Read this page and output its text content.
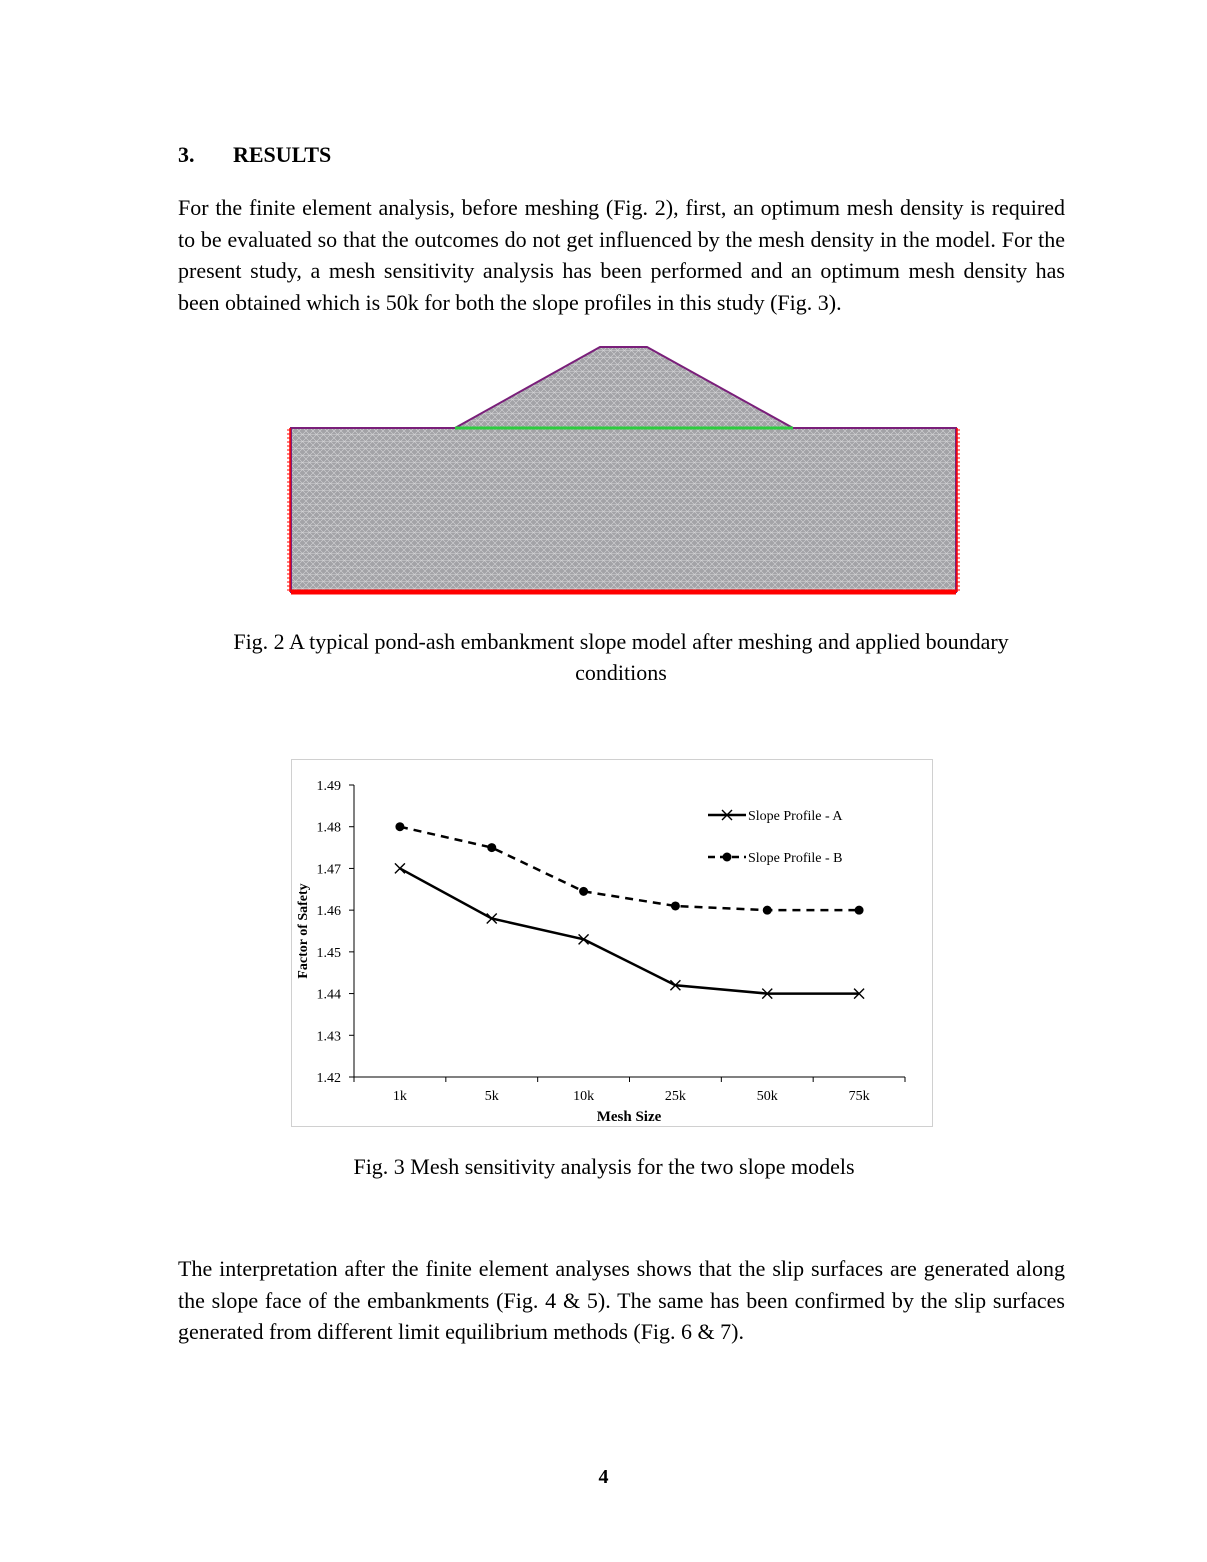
3. RESULTS
For the finite element analysis, before meshing (Fig. 2), first, an optimum mesh density is required to be evaluated so that the outcomes do not get influenced by the mesh density in the model. For the present study, a mesh sensitivity analysis has been performed and an optimum mesh density has been obtained which is 50k for both the slope profiles in this study (Fig. 3).
Fig. 2 A typical pond-ash embankment slope model after meshing and applied boundary conditions
1.42
1.43
1.44
1.45
1.46
1.47
1.48
1.49
1k	5k	10k	25k	50k	75k
Slope Profile - A
Slope Profile - B
Mesh Size
Factor of Safety
Fig. 3 Mesh sensitivity analysis for the two slope models
The interpretation after the finite element analyses shows that the slip surfaces are generated along the slope face of the embankments (Fig. 4 & 5). The same has been confirmed by the slip surfaces generated from different limit equilibrium methods (Fig. 6 & 7).
4
